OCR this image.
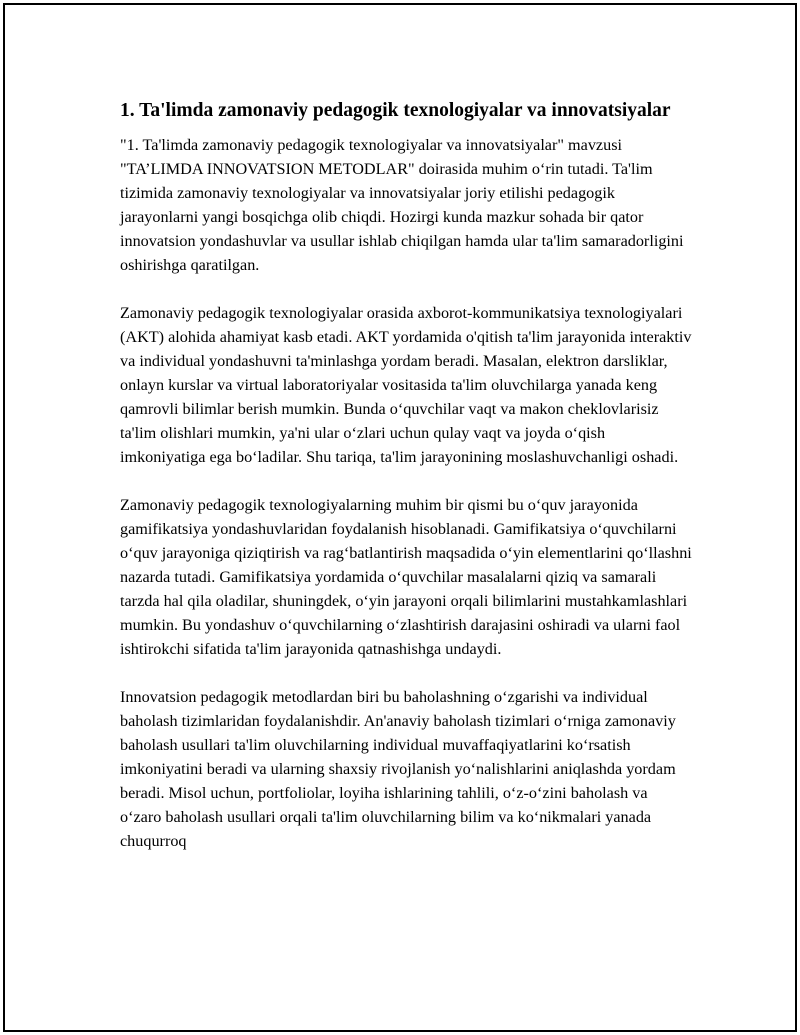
1. Ta'limda zamonaviy pedagogik texnologiyalar va innovatsiyalar

"1. Ta'limda zamonaviy pedagogik texnologiyalar va innovatsiyalar" mavzusi "TA’LIMDA INNOVATSION METODLAR" doirasida muhim o‘rin tutadi. Ta'lim tizimida zamonaviy texnologiyalar va innovatsiyalar joriy etilishi pedagogik jarayonlarni yangi bosqichga olib chiqdi. Hozirgi kunda mazkur sohada bir qator innovatsion yondashuvlar va usullar ishlab chiqilgan hamda ular ta'lim samaradorligini oshirishga qaratilgan.

Zamonaviy pedagogik texnologiyalar orasida axborot-kommunikatsiya texnologiyalari (AKT) alohida ahamiyat kasb etadi. AKT yordamida o'qitish ta'lim jarayonida interaktiv va individual yondashuvni ta'minlashga yordam beradi. Masalan, elektron darsliklar, onlayn kurslar va virtual laboratoriyalar vositasida ta'lim oluvchilarga yanada keng qamrovli bilimlar berish mumkin. Bunda o‘quvchilar vaqt va makon cheklovlarisiz ta'lim olishlari mumkin, ya'ni ular o‘zlari uchun qulay vaqt va joyda o‘qish imkoniyatiga ega bo‘ladilar. Shu tariqa, ta'lim jarayonining moslashuvchanligi oshadi.

Zamonaviy pedagogik texnologiyalarning muhim bir qismi bu o‘quv jarayonida gamifikatsiya yondashuvlaridan foydalanish hisoblanadi. Gamifikatsiya o‘quvchilarni o‘quv jarayoniga qiziqtirish va rag‘batlantirish maqsadida o‘yin elementlarini qo‘llashni nazarda tutadi. Gamifikatsiya yordamida o‘quvchilar masalalarni qiziq va samarali tarzda hal qila oladilar, shuningdek, o‘yin jarayoni orqali bilimlarini mustahkamlashlari mumkin. Bu yondashuv o‘quvchilarning o‘zlashtirish darajasini oshiradi va ularni faol ishtirokchi sifatida ta'lim jarayonida qatnashishga undaydi.

Innovatsion pedagogik metodlardan biri bu baholashning o‘zgarishi va individual baholash tizimlaridan foydalanishdir. An'anaviy baholash tizimlari o‘rniga zamonaviy baholash usullari ta'lim oluvchilarning individual muvaffaqiyatlarini ko‘rsatish imkoniyatini beradi va ularning shaxsiy rivojlanish yo‘nalishlarini aniqlashda yordam beradi. Misol uchun, portfoliolar, loyiha ishlarining tahlili, o‘z-o‘zini baholash va o‘zaro baholash usullari orqali ta'lim oluvchilarning bilim va ko‘nikmalari yanada chuqurroq
